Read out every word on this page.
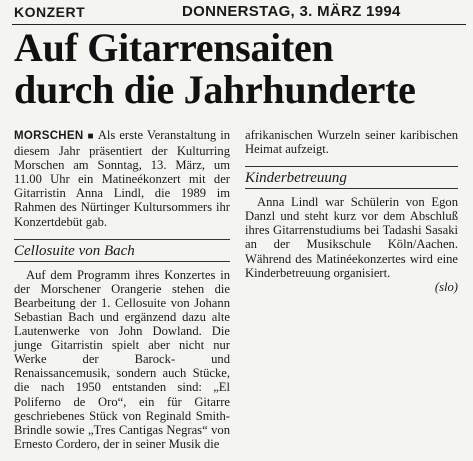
KONZERT	DONNERSTAG, 3. MÄRZ 1994
Auf Gitarrensaiten
durch die Jahrhunderte

MORSCHEN ■ Als erste Veranstaltung in diesem Jahr präsentiert der Kulturring Morschen am Sonntag, 13. März, um 11.00 Uhr ein Matineékonzert mit der Gitarristin Anna Lindl, die 1989 im Rahmen des Nürtinger Kultursommers ihr Konzertdebüt gab.

Cellosuite von Bach

Auf dem Programm ihres Konzertes in der Morschener Orangerie stehen die Bearbeitung der 1. Cellosuite von Johann Sebastian Bach und ergänzend dazu alte Lautenwerke von John Dowland. Die junge Gitarristin spielt aber nicht nur Werke der Barock- und Renaissancemusik, sondern auch Stücke, die nach 1950 entstanden sind: „El Poliferno de Oro“, ein für Gitarre geschriebenes Stück von Reginald Smith-Brindle sowie „Tres Cantigas Negras“ von Ernesto Cordero, der in seiner Musik die

afrikanischen Wurzeln seiner karibischen Heimat aufzeigt.

Kinderbetreuung

Anna Lindl war Schülerin von Egon Danzl und steht kurz vor dem Abschluß ihres Gitarrenstudiums bei Tadashi Sasaki an der Musikschule Köln/Aachen. Während des Matinéekonzertes wird eine Kinderbetreuung organisiert.

(slo)
